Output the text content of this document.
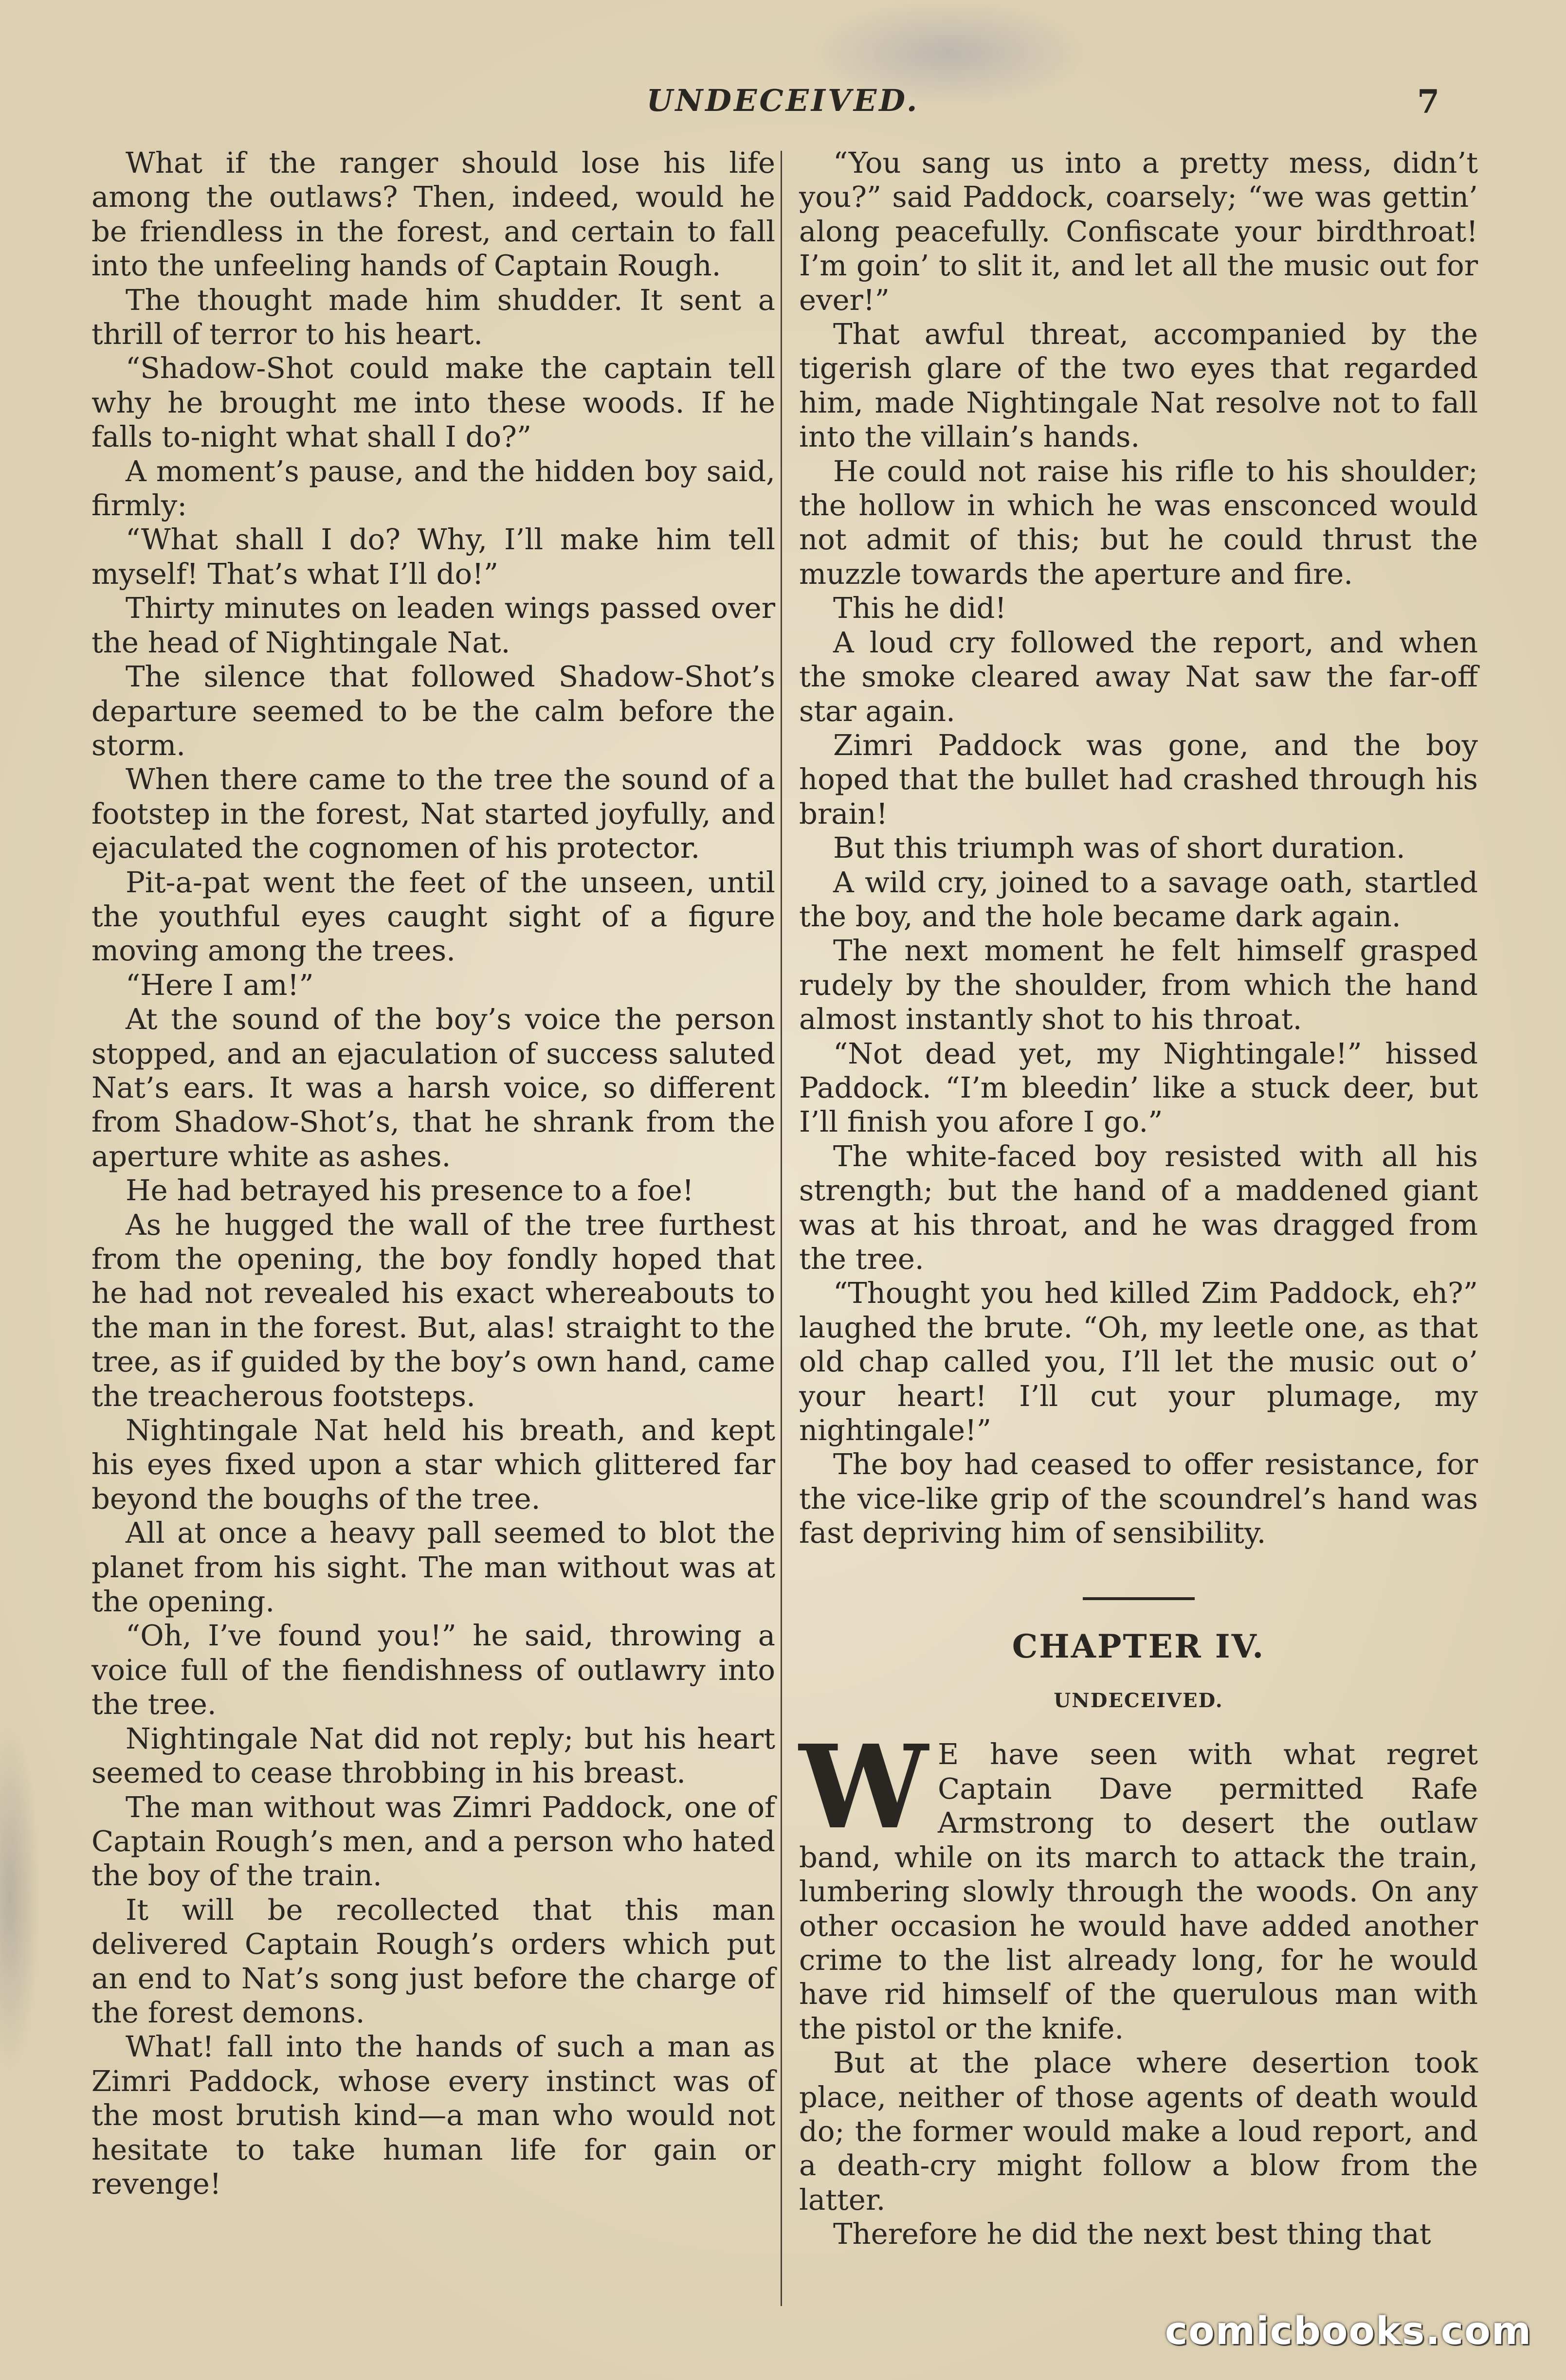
UNDECEIVED.	7

What if the ranger should lose his life among the outlaws? Then, indeed, would he be friendless in the forest, and certain to fall into the unfeeling hands of Captain Rough.

The thought made him shudder. It sent a thrill of terror to his heart.

“Shadow-Shot could make the captain tell why he brought me into these woods. If he falls to-night what shall I do?”

A moment’s pause, and the hidden boy said, firmly:

“What shall I do? Why, I’ll make him tell myself! That’s what I’ll do!”

Thirty minutes on leaden wings passed over the head of Nightingale Nat.

The silence that followed Shadow-Shot’s departure seemed to be the calm before the storm.

When there came to the tree the sound of a footstep in the forest, Nat started joyfully, and ejaculated the cognomen of his protector.

Pit-a-pat went the feet of the unseen, until the youthful eyes caught sight of a figure moving among the trees.

“Here I am!”

At the sound of the boy’s voice the person stopped, and an ejaculation of success saluted Nat’s ears. It was a harsh voice, so different from Shadow-Shot’s, that he shrank from the aperture white as ashes.

He had betrayed his presence to a foe!

As he hugged the wall of the tree furthest from the opening, the boy fondly hoped that he had not revealed his exact whereabouts to the man in the forest. But, alas! straight to the tree, as if guided by the boy’s own hand, came the treacherous footsteps.

Nightingale Nat held his breath, and kept his eyes fixed upon a star which glittered far beyond the boughs of the tree.

All at once a heavy pall seemed to blot the planet from his sight. The man without was at the opening.

“Oh, I’ve found you!” he said, throwing a voice full of the fiendishness of outlawry into the tree.

Nightingale Nat did not reply; but his heart seemed to cease throbbing in his breast.

The man without was Zimri Paddock, one of Captain Rough’s men, and a person who hated the boy of the train.

It will be recollected that this man delivered Captain Rough’s orders which put an end to Nat’s song just before the charge of the forest demons.

What! fall into the hands of such a man as Zimri Paddock, whose every instinct was of the most brutish kind—a man who would not hesitate to take human life for gain or revenge!

“You sang us into a pretty mess, didn’t you?” said Paddock, coarsely; “we was gettin’ along peacefully. Confiscate your birdthroat! I’m goin’ to slit it, and let all the music out for ever!”

That awful threat, accompanied by the tigerish glare of the two eyes that regarded him, made Nightingale Nat resolve not to fall into the villain’s hands.

He could not raise his rifle to his shoulder; the hollow in which he was ensconced would not admit of this; but he could thrust the muzzle towards the aperture and fire.

This he did!

A loud cry followed the report, and when the smoke cleared away Nat saw the far-off star again.

Zimri Paddock was gone, and the boy hoped that the bullet had crashed through his brain!

But this triumph was of short duration.

A wild cry, joined to a savage oath, startled the boy, and the hole became dark again.

The next moment he felt himself grasped rudely by the shoulder, from which the hand almost instantly shot to his throat.

“Not dead yet, my Nightingale!” hissed Paddock. “I’m bleedin’ like a stuck deer, but I’ll finish you afore I go.”

The white-faced boy resisted with all his strength; but the hand of a maddened giant was at his throat, and he was dragged from the tree.

“Thought you hed killed Zim Paddock, eh?” laughed the brute. “Oh, my leetle one, as that old chap called you, I’ll let the music out o’ your heart! I’ll cut your plumage, my nightingale!”

The boy had ceased to offer resistance, for the vice-like grip of the scoundrel’s hand was fast depriving him of sensibility.

CHAPTER IV.
UNDECEIVED.

W E have seen with what regret Captain Dave permitted Rafe Armstrong to desert the outlaw band, while on its march to attack the train, lumbering slowly through the woods. On any other occasion he would have added another crime to the list already long, for he would have rid himself of the querulous man with the pistol or the knife.

But at the place where desertion took place, neither of those agents of death would do; the former would make a loud report, and a death-cry might follow a blow from the latter.

Therefore he did the next best thing that

comicbooks.com
